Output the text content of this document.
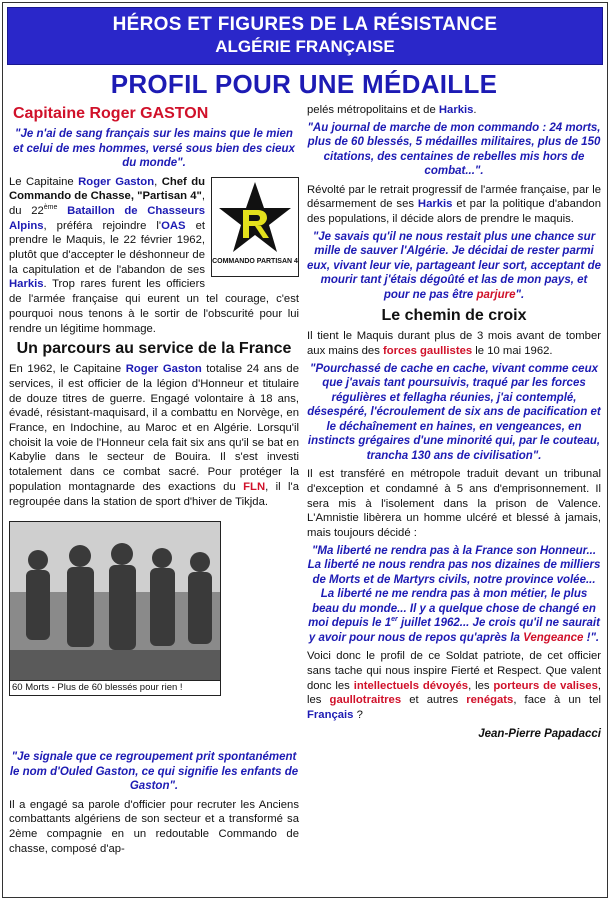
HÉROS ET FIGURES DE LA RÉSISTANCE
ALGÉRIE FRANÇAISE
PROFIL POUR UNE MÉDAILLE
Capitaine Roger GASTON
"Je n'ai de sang français sur les mains que le mien et celui de mes hommes, versé sous bien des cieux du monde".
COMMANDO PARTISAN 4

Le Capitaine Roger Gaston, Chef du Commando de Chasse, "Partisan 4", du 22ème Bataillon de Chasseurs Alpins, préféra rejoindre l'OAS et prendre le Maquis, le 22 février 1962, plutôt que d'accepter le déshonneur de la capitulation et de l'abandon de ses Harkis. Trop rares furent les officiers de l'armée française qui eurent un tel courage, c'est pourquoi nous tenons à le sortir de l'obscurité pour lui rendre un légitime hommage.

Un parcours au service de la France

En 1962, le Capitaine Roger Gaston totalise 24 ans de services, il est officier de la légion d'Honneur et titulaire de douze titres de guerre. Engagé volontaire à 18 ans, évadé, résistant-maquisard, il a combattu en Norvège, en France, en Indochine, au Maroc et en Algérie. Lorsqu'il choisit la voie de l'Honneur cela fait six ans qu'il se bat en Kabylie dans le secteur de Bouira. Il s'est investi totalement dans ce combat sacré. Pour protéger la population montagnarde des exactions du FLN, il l'a regroupée dans la station de sport d'hiver de Tikjda.

60 Morts - Plus de 60 blessés pour rien !
"Je signale que ce regroupement prit spontanément le nom d'Ouled Gaston, ce qui signifie les enfants de Gaston".

Il a engagé sa parole d'officier pour recruter les Anciens combattants algériens de son secteur et a transformé sa 2ème compagnie en un redoutable Commando de chasse, composé d'ap-

pelés métropolitains et de Harkis.

"Au journal de marche de mon commando : 24 morts, plus de 60 blessés, 5 médailles militaires, plus de 150 citations, des centaines de rebelles mis hors de combat...".

Révolté par le retrait progressif de l'armée française, par le désarmement de ses Harkis et par la politique d'abandon des populations, il décide alors de prendre le maquis.

"Je savais qu'il ne nous restait plus une chance sur mille de sauver l'Algérie. Je décidai de rester parmi eux, vivant leur vie, partageant leur sort, acceptant de mourir tant j'étais dégoûté et las de mon pays, et pour ne pas être parjure".
Le chemin de croix

Il tient le Maquis durant plus de 3 mois avant de tomber aux mains des forces gaullistes le 10 mai 1962.

"Pourchassé de cache en cache, vivant comme ceux que j'avais tant poursuivis, traqué par les forces régulières et fellagha réunies, j'ai contemplé, désespéré, l'écroulement de six ans de pacification et le déchaînement en haines, en vengeances, en instincts grégaires d'une minorité qui, par le couteau, trancha 130 ans de civilisation".

Il est transféré en métropole traduit devant un tribunal d'exception et condamné à 5 ans d'emprisonnement. Il sera mis à l'isolement dans la prison de Valence. L'Amnistie libèrera un homme ulcéré et blessé à jamais, mais toujours décidé :

"Ma liberté ne rendra pas à la France son Honneur... La liberté ne nous rendra pas nos dizaines de milliers de Morts et de Martyrs civils, notre province volée... La liberté ne me rendra pas à mon métier, le plus beau du monde... Il y a quelque chose de changé en moi depuis le 1er juillet 1962... Je crois qu'il ne saurait y avoir pour nous de repos qu'après la Vengeance !".

Voici donc le profil de ce Soldat patriote, de cet officier sans tache qui nous inspire Fierté et Respect. Que valent donc les intellectuels dévoyés, les porteurs de valises, les gaullotraitres et autres renégats, face à un tel Français ?

Jean-Pierre Papadacci
